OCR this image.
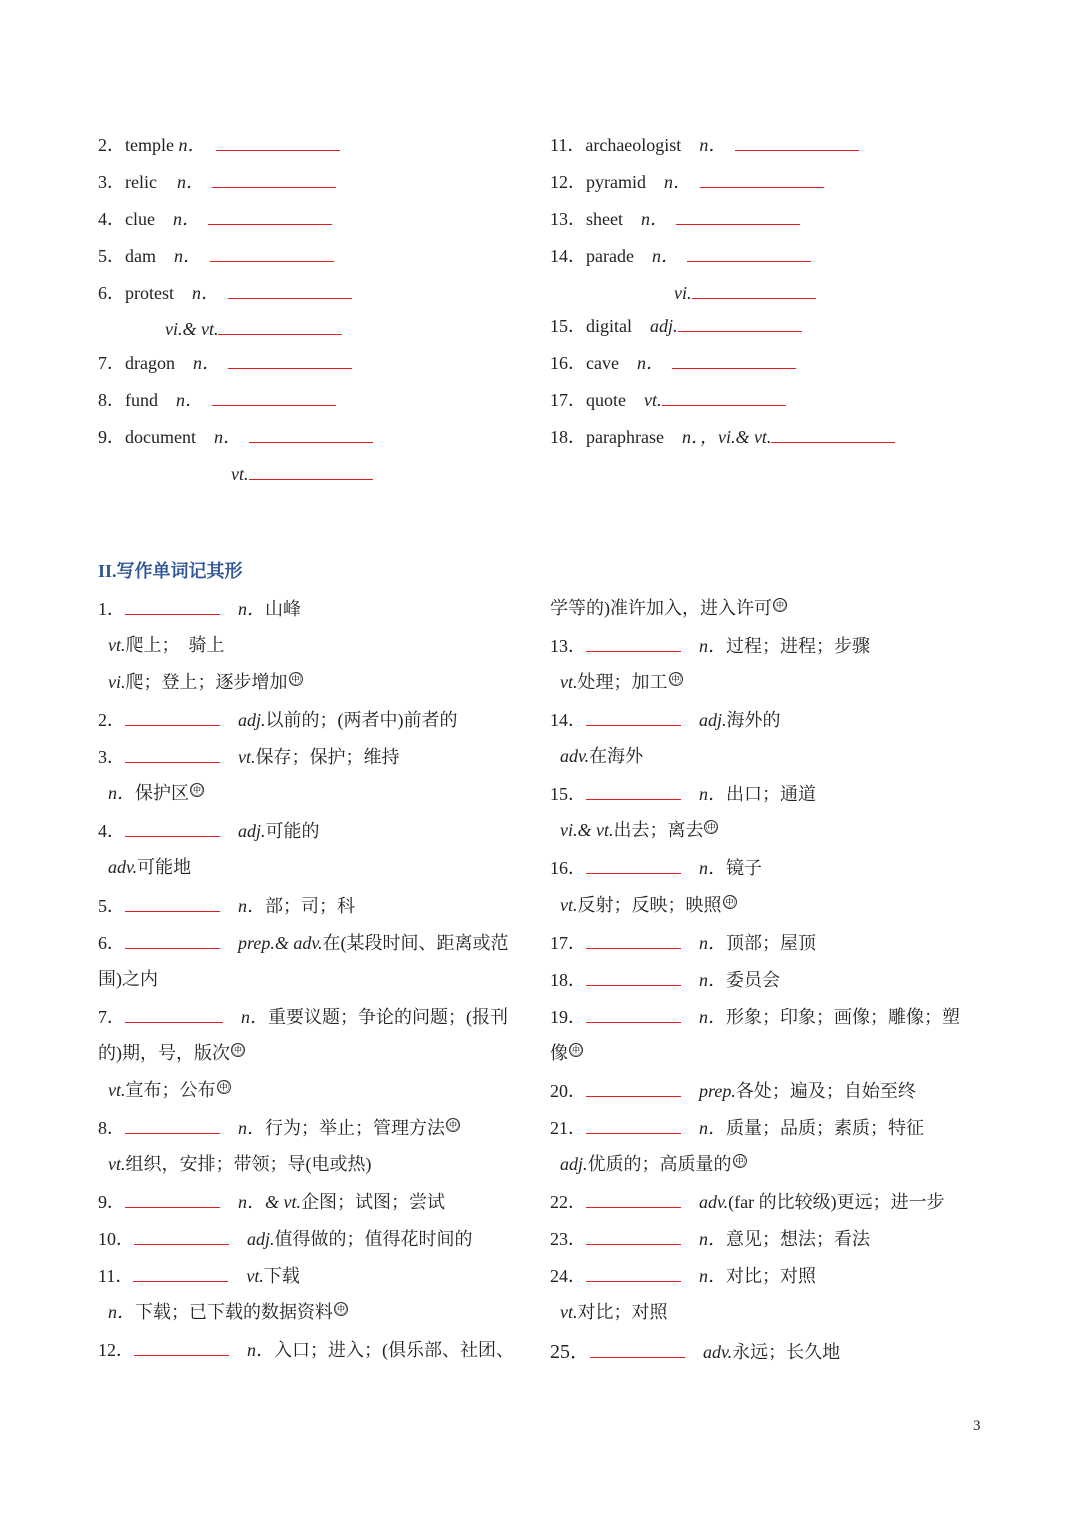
2．temple n．
3．relic n．
4．clue n．
5．dam n．
6．protest n．
vi.& vt.
7．dragon n．
8．fund n．
9．document n．
vt.
11．archaeologist n．
12．pyramid n．
13．sheet n．
14．parade n．
vi.
15．digital adj.
16．cave n．
17．quote vt.
18．paraphrase n．，vi.& vt.
II.写作单词记其形
1．	n．山峰
vt.爬上；　骑上
vi.爬；登上；逐步增加 ㊥
2．	adj.以前的；(两者中)前者的
3．	vt.保存；保护；维持
n．保护区 ㊥
4．	adj.可能的
adv.可能地
5．	n．部；司；科
6．	prep.& adv.在(某段时间、距离或范
围)之内
7．	n．重要议题；争论的问题；(报刊
的)期，号，版次 ㊥
vt.宣布；公布 ㊥
8．	n．行为；举止；管理方法 ㊥
vt.组织，安排；带领；导(电或热)
9．	n．& vt.企图；试图；尝试
10．	adj.值得做的；值得花时间的
11．	vt.下载
n．下载；已下载的数据资料 ㊥
12．	n．入口；进入；(俱乐部、社团、
学等的)准许加入，进入许可 ㊥
13．	n．过程；进程；步骤
vt.处理；加工 ㊥
14．	adj.海外的
adv.在海外
15．	n．出口；通道
vi.& vt.出去；离去 ㊥
16．	n．镜子
vt.反射；反映；映照 ㊥
17．	n．顶部；屋顶
18．	n．委员会
19．	n．形象；印象；画像；雕像；塑
像 ㊥
20．	prep.各处；遍及；自始至终
21．	n．质量；品质；素质；特征
adj.优质的；高质量的 ㊥
22．	adv.(far 的比较级)更远；进一步
23．	n．意见；想法；看法
24．	n．对比；对照
vt.对比；对照
25．	adv.永远；长久地
3
